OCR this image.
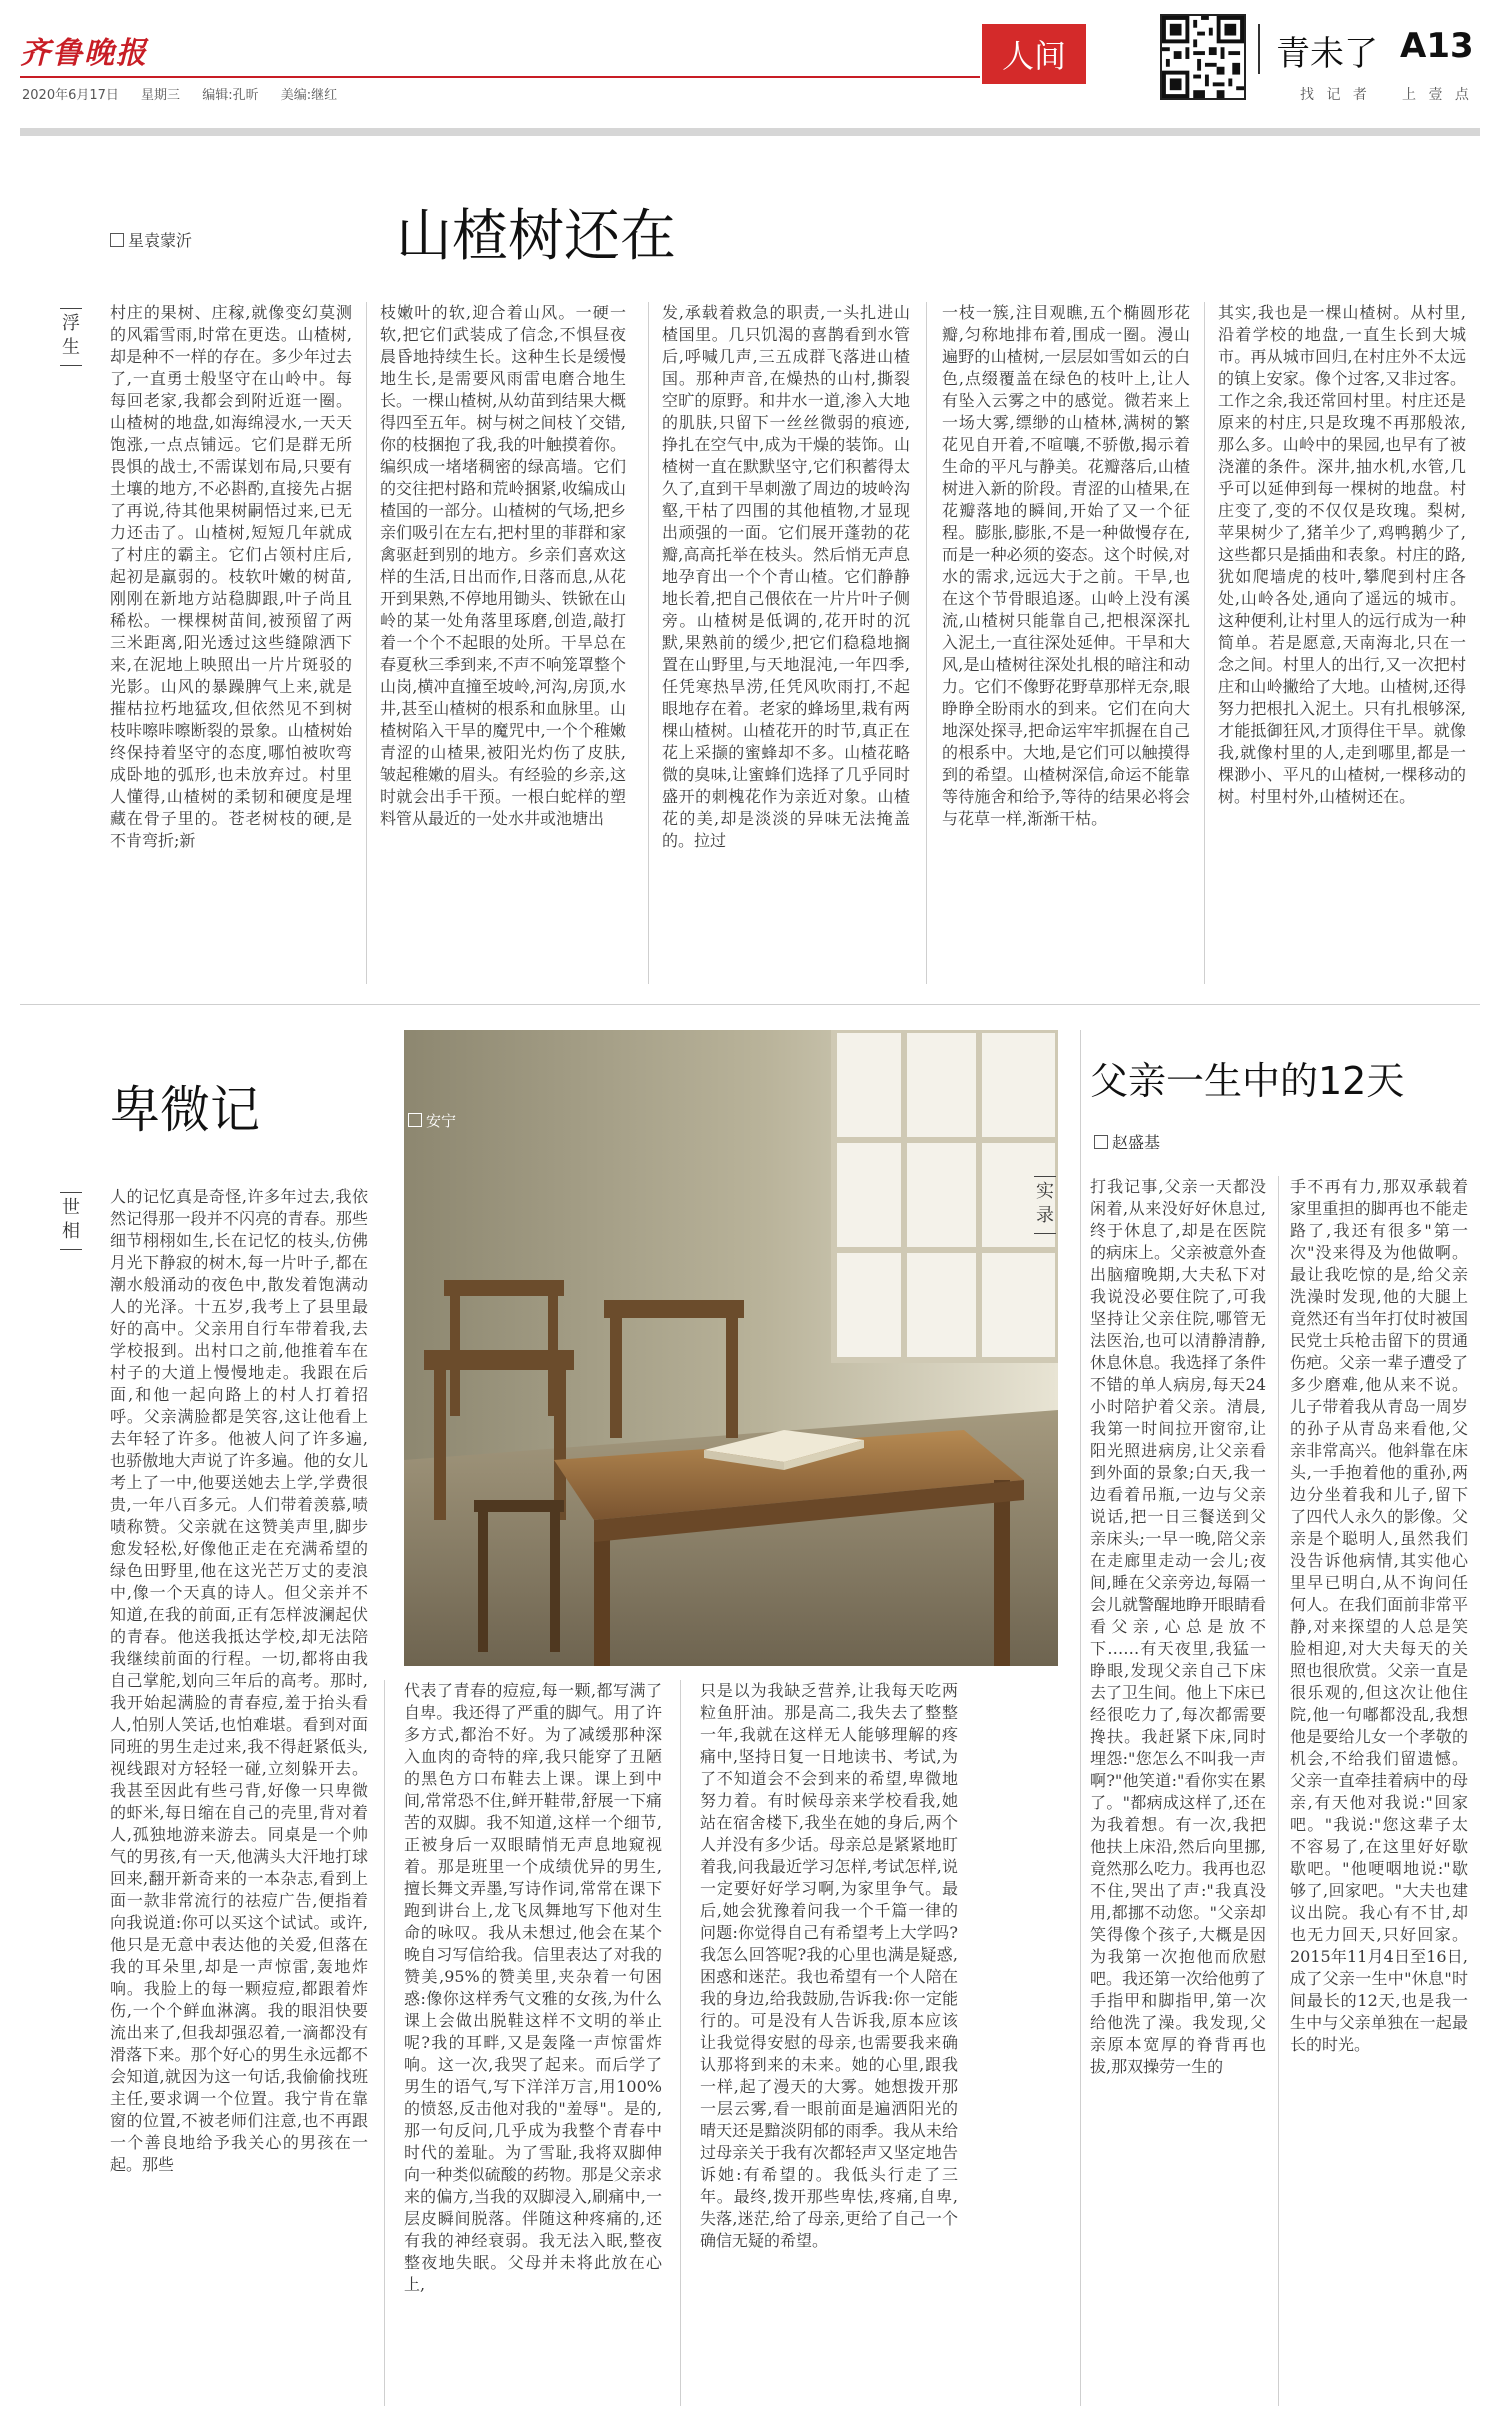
齐鲁晚报
2020年6月17日 星期三 编辑:孔昕 美编:继红
人间	青未了 A13
找 记 者 上 壹 点
星袁蒙沂	山楂树还在
浮生
村庄的果树、庄稼,就像变幻莫测的风霜雪雨,时常在更迭。山楂树,却是种不一样的存在。多少年过去了,一直勇士般坚守在山岭中。每每回老家,我都会到附近逛一圈。山楂树的地盘,如海绵浸水,一天天饱涨,一点点铺远。它们是群无所畏惧的战士,不需谋划布局,只要有土壤的地方,不必斟酌,直接先占据了再说,待其他果树嗣悟过来,已无力还击了。山楂树,短短几年就成了村庄的霸主。它们占领村庄后,起初是羸弱的。枝软叶嫩的树苗,刚刚在新地方站稳脚跟,叶子尚且稀松。一棵棵树苗间,被预留了两三米距离,阳光透过这些缝隙洒下来,在泥地上映照出一片片斑驳的光影。山风的暴躁脾气上来,就是摧枯拉朽地猛攻,但依然见不到树枝咔嚓咔嚓断裂的景象。山楂树始终保持着坚守的态度,哪怕被吹弯成卧地的弧形,也未放弃过。村里人懂得,山楂树的柔韧和硬度是埋藏在骨子里的。苍老树枝的硬,是不肯弯折;新
枝嫩叶的软,迎合着山风。一硬一软,把它们武装成了信念,不惧昼夜晨昏地持续生长。这种生长是缓慢地生长,是需要风雨雷电磨合地生长。一棵山楂树,从幼苗到结果大概得四至五年。树与树之间枝丫交错,你的枝捆抱了我,我的叶触摸着你。编织成一堵堵稠密的绿高墙。它们的交往把村路和荒岭捆紧,收编成山楂国的一部分。山楂树的气场,把乡亲们吸引在左右,把村里的菲群和家禽驱赶到别的地方。乡亲们喜欢这样的生活,日出而作,日落而息,从花开到果熟,不停地用锄头、铁锨在山岭的某一处角落里琢磨,创造,敲打着一个个不起眼的处所。干旱总在春夏秋三季到来,不声不响笼罩整个山岗,横冲直撞至坡岭,河沟,房顶,水井,甚至山楂树的根系和血脉里。山楂树陷入干旱的魔咒中,一个个稚嫩青涩的山楂果,被阳光灼伤了皮肤,皱起稚嫩的眉头。有经验的乡亲,这时就会出手干预。一根白蛇样的塑料管从最近的一处水井或池塘出
发,承载着救急的职责,一头扎进山楂国里。几只饥渴的喜鹊看到水管后,呼喊几声,三五成群飞落进山楂国。那种声音,在燥热的山村,撕裂空旷的原野。和井水一道,渗入大地的肌肤,只留下一丝丝微弱的痕迹,挣扎在空气中,成为干燥的装饰。山楂树一直在默默坚守,它们积蓄得太久了,直到干旱刺激了周边的坡岭沟壑,干枯了四围的其他植物,才显现出顽强的一面。它们展开蓬勃的花瓣,高高托举在枝头。然后悄无声息地孕育出一个个青山楂。它们静静地长着,把自己偎依在一片片叶子侧旁。山楂树是低调的,花开时的沉默,果熟前的缓少,把它们稳稳地搁置在山野里,与天地混沌,一年四季,任凭寒热旱涝,任凭风吹雨打,不起眼地存在着。老家的蜂场里,栽有两棵山楂树。山楂花开的时节,真正在花上采撷的蜜蜂却不多。山楂花略微的臭味,让蜜蜂们选择了几乎同时盛开的刺槐花作为亲近对象。山楂花的美,却是淡淡的异味无法掩盖的。拉过
一枝一簇,注目观瞧,五个椭圆形花瓣,匀称地排布着,围成一圈。漫山遍野的山楂树,一层层如雪如云的白色,点缀覆盖在绿色的枝叶上,让人有坠入云雾之中的感觉。微若来上一场大雾,缥缈的山楂林,满树的繁花见自开着,不喧嚷,不骄傲,揭示着生命的平凡与静美。花瓣落后,山楂树进入新的阶段。青涩的山楂果,在花瓣落地的瞬间,开始了又一个征程。膨胀,膨胀,不是一种做慢存在,而是一种必须的姿态。这个时候,对水的需求,远远大于之前。干旱,也在这个节骨眼追逐。山岭上没有溪流,山楂树只能靠自己,把根深深扎入泥土,一直往深处延伸。干旱和大风,是山楂树往深处扎根的暗注和动力。它们不像野花野草那样无奈,眼睁睁全盼雨水的到来。它们在向大地深处探寻,把命运牢牢抓握在自己的根系中。大地,是它们可以触摸得到的希望。山楂树深信,命运不能靠等待施舍和给予,等待的结果必将会与花草一样,渐渐干枯。
其实,我也是一棵山楂树。从村里,沿着学校的地盘,一直生长到大城市。再从城市回归,在村庄外不太远的镇上安家。像个过客,又非过客。工作之余,我还常回村里。村庄还是原来的村庄,只是玫瑰不再那般浓,那么多。山岭中的果园,也早有了被浇灌的条件。深井,抽水机,水管,几乎可以延伸到每一棵树的地盘。村庄变了,变的不仅仅是玫瑰。梨树,苹果树少了,猪羊少了,鸡鸭鹅少了,这些都只是插曲和表象。村庄的路,犹如爬墙虎的枝叶,攀爬到村庄各处,山岭各处,通向了遥远的城市。这种便利,让村里人的远行成为一种简单。若是愿意,天南海北,只在一念之间。村里人的出行,又一次把村庄和山岭撇给了大地。山楂树,还得努力把根扎入泥土。只有扎根够深,才能抵御狂风,才顶得住干旱。就像我,就像村里的人,走到哪里,都是一棵渺小、平凡的山楂树,一棵移动的树。村里村外,山楂树还在。
卑微记
世相
安宁
人的记忆真是奇怪,许多年过去,我依然记得那一段并不闪亮的青春。那些细节栩栩如生,长在记忆的枝头,仿佛月光下静寂的树木,每一片叶子,都在潮水般涌动的夜色中,散发着饱满动人的光泽。十五岁,我考上了县里最好的高中。父亲用自行车带着我,去学校报到。出村口之前,他推着车在村子的大道上慢慢地走。我跟在后面,和他一起向路上的村人打着招呼。父亲满脸都是笑容,这让他看上去年轻了许多。他被人问了许多遍,也骄傲地大声说了许多遍。他的女儿考上了一中,他要送她去上学,学费很贵,一年八百多元。人们带着羡慕,啧啧称赞。父亲就在这赞美声里,脚步愈发轻松,好像他正走在充满希望的绿色田野里,他在这光芒万丈的麦浪中,像一个天真的诗人。但父亲并不知道,在我的前面,正有怎样波澜起伏的青春。他送我抵达学校,却无法陪我继续前面的行程。一切,都将由我自己掌舵,划向三年后的高考。那时,我开始起满脸的青春痘,羞于抬头看人,怕别人笑话,也怕难堪。看到对面同班的男生走过来,我不得赶紧低头,视线跟对方轻轻一碰,立刻躲开去。我甚至因此有些弓背,好像一只卑微的虾米,每日缩在自己的壳里,背对着人,孤独地游来游去。同桌是一个帅气的男孩,有一天,他满头大汗地打球回来,翻开新奇来的一本杂志,看到上面一款非常流行的祛痘广告,便指着向我说道:你可以买这个试试。或许,他只是无意中表达他的关爱,但落在我的耳朵里,却是一声惊雷,轰地炸响。我脸上的每一颗痘痘,都跟着炸伤,一个个鲜血淋漓。我的眼泪快要流出来了,但我却强忍着,一滴都没有滑落下来。那个好心的男生永远都不会知道,就因为这一句话,我偷偷找班主任,要求调一个位置。我宁肯在靠窗的位置,不被老师们注意,也不再跟一个善良地给予我关心的男孩在一起。那些
代表了青春的痘痘,每一颗,都写满了自卑。我还得了严重的脚气。用了许多方式,都治不好。为了减缓那种深入血肉的奇特的痒,我只能穿了丑陋的黑色方口布鞋去上课。课上到中间,常常恐不住,鲜开鞋带,舒展一下痛苦的双脚。我不知道,这样一个细节,正被身后一双眼睛悄无声息地窥视着。那是班里一个成绩优异的男生,擅长舞文弄墨,写诗作词,常常在课下跑到讲台上,龙飞凤舞地写下他对生命的咏叹。我从未想过,他会在某个晚自习写信给我。信里表达了对我的赞美,95%的赞美里,夹杂着一句困惑:像你这样秀气文雅的女孩,为什么课上会做出脱鞋这样不文明的举止呢?我的耳畔,又是轰隆一声惊雷炸响。这一次,我哭了起来。而后学了男生的语气,写下洋洋万言,用100%的愤怒,反击他对我的"羞辱"。是的,那一句反问,几乎成为我整个青春中时代的羞耻。为了雪耻,我将双脚伸向一种类似硫酸的药物。那是父亲求来的偏方,当我的双脚浸入,刷痛中,一层皮瞬间脱落。伴随这种疼痛的,还有我的神经衰弱。我无法入眠,整夜整夜地失眠。父母并未将此放在心上,
只是以为我缺乏营养,让我每天吃两粒鱼肝油。那是高二,我失去了整整一年,我就在这样无人能够理解的疼痛中,坚持日复一日地读书、考试,为了不知道会不会到来的希望,卑微地努力着。有时候母亲来学校看我,她站在宿舍楼下,我坐在她的身后,两个人并没有多少话。母亲总是紧紧地盯着我,问我最近学习怎样,考试怎样,说一定要好好学习啊,为家里争气。最后,她会犹豫着问我一个千篇一律的问题:你觉得自己有希望考上大学吗?我怎么回答呢?我的心里也满是疑惑,困惑和迷茫。我也希望有一个人陪在我的身边,给我鼓励,告诉我:你一定能行的。可是没有人告诉我,原本应该让我觉得安慰的母亲,也需要我来确认那将到来的未来。她的心里,跟我一样,起了漫天的大雾。她想拨开那一层云雾,看一眼前面是遍洒阳光的晴天还是黯淡阴郁的雨季。我从未给过母亲关于我有次都轻声又坚定地告诉她:有希望的。我低头行走了三年。最终,拨开那些卑怯,疼痛,自卑,失落,迷茫,给了母亲,更给了自己一个确信无疑的希望。
父亲一生中的12天
赵盛基
实录 打我记事,父亲一天都没闲着,从来没好好休息过,终于休息了,却是在医院的病床上。父亲被意外查出脑瘤晚期,大夫私下对我说没必要住院了,可我坚持让父亲住院,哪管无法医治,也可以清静清静,休息休息。我选择了条件不错的单人病房,每天24小时陪护着父亲。清晨,我第一时间拉开窗帘,让阳光照进病房,让父亲看到外面的景象;白天,我一边看着吊瓶,一边与父亲说话,把一日三餐送到父亲床头;一早一晚,陪父亲在走廊里走动一会儿;夜间,睡在父亲旁边,每隔一会儿就警醒地睁开眼睛看看父亲,心总是放不下……有天夜里,我猛一睁眼,发现父亲自己下床去了卫生间。他上下床已经很吃力了,每次都需要搀扶。我赶紧下床,同时埋怨:"您怎么不叫我一声啊?"他笑道:"看你实在累了。"都病成这样了,还在为我着想。有一次,我把他扶上床沿,然后向里挪,竟然那么吃力。我再也忍不住,哭出了声:"我真没用,都挪不动您。"父亲却笑得像个孩子,大概是因为我第一次抱他而欣慰吧。我还第一次给他剪了手指甲和脚指甲,第一次给他洗了澡。我发现,父亲原本宽厚的脊背再也拔,那双操劳一生的
手不再有力,那双承载着家里重担的脚再也不能走路了,我还有很多"第一次"没来得及为他做啊。最让我吃惊的是,给父亲洗澡时发现,他的大腿上竟然还有当年打仗时被国民党士兵枪击留下的贯通伤疤。父亲一辈子遭受了多少磨难,他从来不说。儿子带着我从青岛一周岁的孙子从青岛来看他,父亲非常高兴。他斜靠在床头,一手抱着他的重孙,两边分坐着我和儿子,留下了四代人永久的影像。父亲是个聪明人,虽然我们没告诉他病情,其实他心里早已明白,从不询问任何人。在我们面前非常平静,对来探望的人总是笑脸相迎,对大夫每天的关照也很欣赏。父亲一直是很乐观的,但这次让他住院,他一句嘟都没乱,我想他是要给儿女一个孝敬的机会,不给我们留遗憾。父亲一直牵挂着病中的母亲,有天他对我说:"回家吧。"我说:"您这辈子太不容易了,在这里好好歇歇吧。"他哽咽地说:"歇够了,回家吧。"大夫也建议出院。我心有不甘,却也无力回天,只好回家。2015年11月4日至16日,成了父亲一生中"休息"时间最长的12天,也是我一生中与父亲单独在一起最长的时光。
